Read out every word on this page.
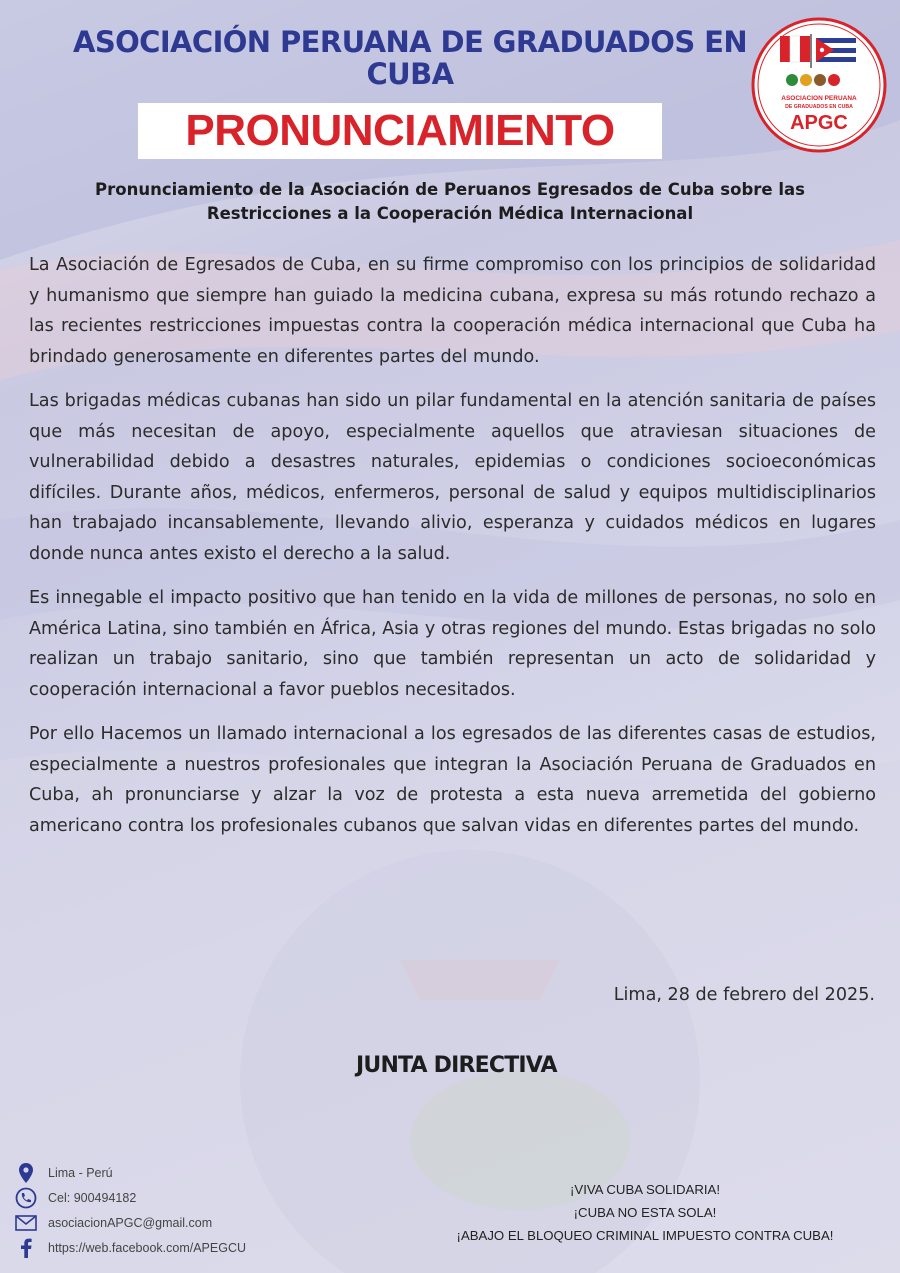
ASOCIACIÓN PERUANA DE GRADUADOS EN
CUBA
PRONUNCIAMIENTO
ASOCIACION PERUANA
DE GRADUADOS EN CUBA
APGC
Pronunciamiento de la Asociación de Peruanos Egresados de Cuba sobre las
Restricciones a la Cooperación Médica Internacional

La Asociación de Egresados de Cuba, en su firme compromiso con los principios de solidaridad y humanismo que siempre han guiado la medicina cubana, expresa su más rotundo rechazo a las recientes restricciones impuestas contra la cooperación médica internacional que Cuba ha brindado generosamente en diferentes partes del mundo.

Las brigadas médicas cubanas han sido un pilar fundamental en la atención sanitaria de países que más necesitan de apoyo, especialmente aquellos que atraviesan situaciones de vulnerabilidad debido a desastres naturales, epidemias o condiciones socioeconómicas difíciles. Durante años, médicos, enfermeros, personal de salud y equipos multidisciplinarios han trabajado incansablemente, llevando alivio, esperanza y cuidados médicos en lugares donde nunca antes existo el derecho a la salud.

Es innegable el impacto positivo que han tenido en la vida de millones de personas, no solo en América Latina, sino también en África, Asia y otras regiones del mundo. Estas brigadas no solo realizan un trabajo sanitario, sino que también representan un acto de solidaridad y cooperación internacional a favor pueblos necesitados.

Por ello Hacemos un llamado internacional a los egresados de las diferentes casas de estudios, especialmente a nuestros profesionales que integran la Asociación Peruana de Graduados en Cuba, ah pronunciarse y alzar la voz de protesta a esta nueva arremetida del gobierno americano contra los profesionales cubanos que salvan vidas en diferentes partes del mundo.

Lima, 28 de febrero del 2025.
JUNTA DIRECTIVA
Lima - Perú
Cel: 900494182
asociacionAPGC@gmail.com
https://web.facebook.com/APEGCU
¡VIVA CUBA SOLIDARIA!
¡CUBA NO ESTA SOLA!
¡ABAJO EL BLOQUEO CRIMINAL IMPUESTO CONTRA CUBA!
